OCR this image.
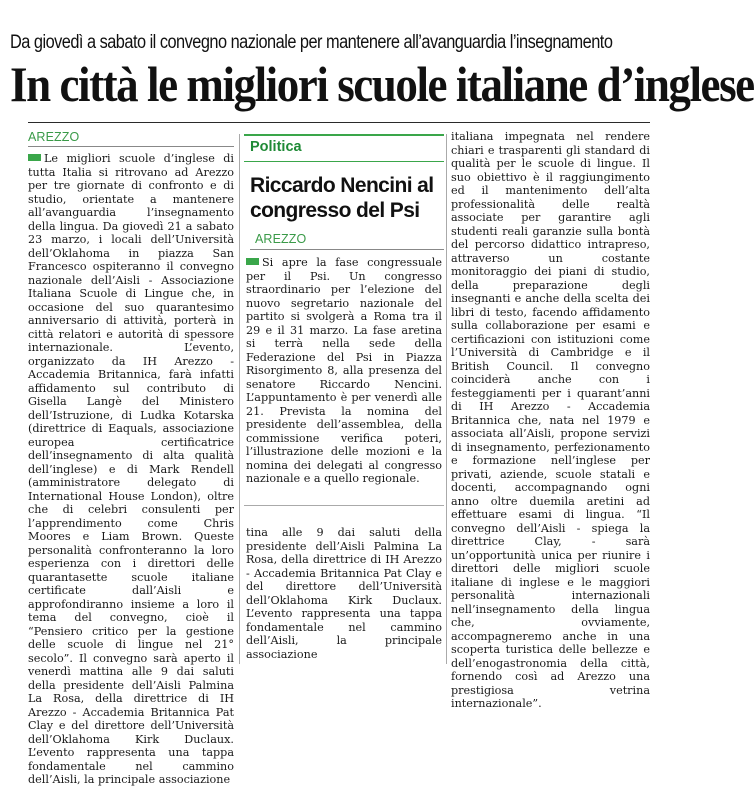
Da giovedì a sabato il convegno nazionale per mantenere all’avanguardia l’insegnamento
In città le migliori scuole italiane d’inglese
AREZZO

Le migliori scuole d’inglese di tutta Italia si ritrovano ad Arezzo per tre giornate di confronto e di studio, orientate a mantenere all’avanguardia l’insegnamento della lingua. Da giovedì 21 a sabato 23 marzo, i locali dell’Università dell’Oklahoma in piazza San Francesco ospiteranno il convegno nazionale dell’Aisli - Associazione Italiana Scuole di Lingue che, in occasione del suo quarantesimo anniversario di attività, porterà in città relatori e autorità di spessore internazionale. L’evento, organizzato da IH Arezzo - Accademia Britannica, farà infatti affidamento sul contributo di Gisella Langè del Ministero dell’Istruzione, di Ludka Kotarska (direttrice di Eaquals, associazione europea certificatrice dell’insegnamento di alta qualità dell’inglese) e di Mark Rendell (amministratore delegato di International House London), oltre che di celebri consulenti per l’apprendimento come Chris Moores e Liam Brown. Queste personalità confronteranno la loro esperienza con i direttori delle quarantasette scuole italiane certificate dall’Aisli e approfondiranno insieme a loro il tema del convegno, cioè il “Pensiero critico per la gestione delle scuole di lingue nel 21° secolo”. Il convegno sarà aperto il venerdì mattina alle 9 dai saluti della presidente dell’Aisli Palmina La Rosa, della direttrice di IH Arezzo - Accademia Britannica Pat Clay e del direttore dell’Università dell’Oklahoma Kirk Duclaux. L’evento rappresenta una tappa fondamentale nel cammino dell’Aisli, la principale associazione

Politica
Riccardo Nencini al congresso del Psi
AREZZO

Si apre la fase congressuale per il Psi. Un congresso straordinario per l’elezione del nuovo segretario nazionale del partito si svolgerà a Roma tra il 29 e il 31 marzo. La fase aretina si terrà nella sede della Federazione del Psi in Piazza Risorgimento 8, alla presenza del senatore Riccardo Nencini. L’appuntamento è per venerdì alle 21. Prevista la nomina del presidente dell’assemblea, della commissione verifica poteri, l’illustrazione delle mozioni e la nomina dei delegati al congresso nazionale e a quello regionale.

tina alle 9 dai saluti della presidente dell’Aisli Palmina La Rosa, della direttrice di IH Arezzo - Accademia Britannica Pat Clay e del direttore dell’Università dell’Oklahoma Kirk Duclaux. L’evento rappresenta una tappa fondamentale nel cammino dell’Aisli, la principale associazione

italiana impegnata nel rendere chiari e trasparenti gli standard di qualità per le scuole di lingue. Il suo obiettivo è il raggiungimento ed il mantenimento dell’alta professionalità delle realtà associate per garantire agli studenti reali garanzie sulla bontà del percorso didattico intrapreso, attraverso un costante monitoraggio dei piani di studio, della preparazione degli insegnanti e anche della scelta dei libri di testo, facendo affidamento sulla collaborazione per esami e certificazioni con istituzioni come l’Università di Cambridge e il British Council. Il convegno coinciderà anche con i festeggiamenti per i quarant’anni di IH Arezzo - Accademia Britannica che, nata nel 1979 e associata all’Aisli, propone servizi di insegnamento, perfezionamento e formazione nell’inglese per privati, aziende, scuole statali e docenti, accompagnando ogni anno oltre duemila aretini ad effettuare esami di lingua. “Il convegno dell’Aisli - spiega la direttrice Clay, - sarà un’opportunità unica per riunire i direttori delle migliori scuole italiane di inglese e le maggiori personalità internazionali nell’insegnamento della lingua che, ovviamente, accompagneremo anche in una scoperta turistica delle bellezze e dell’enogastronomia della città, fornendo così ad Arezzo una prestigiosa vetrina internazionale”.
